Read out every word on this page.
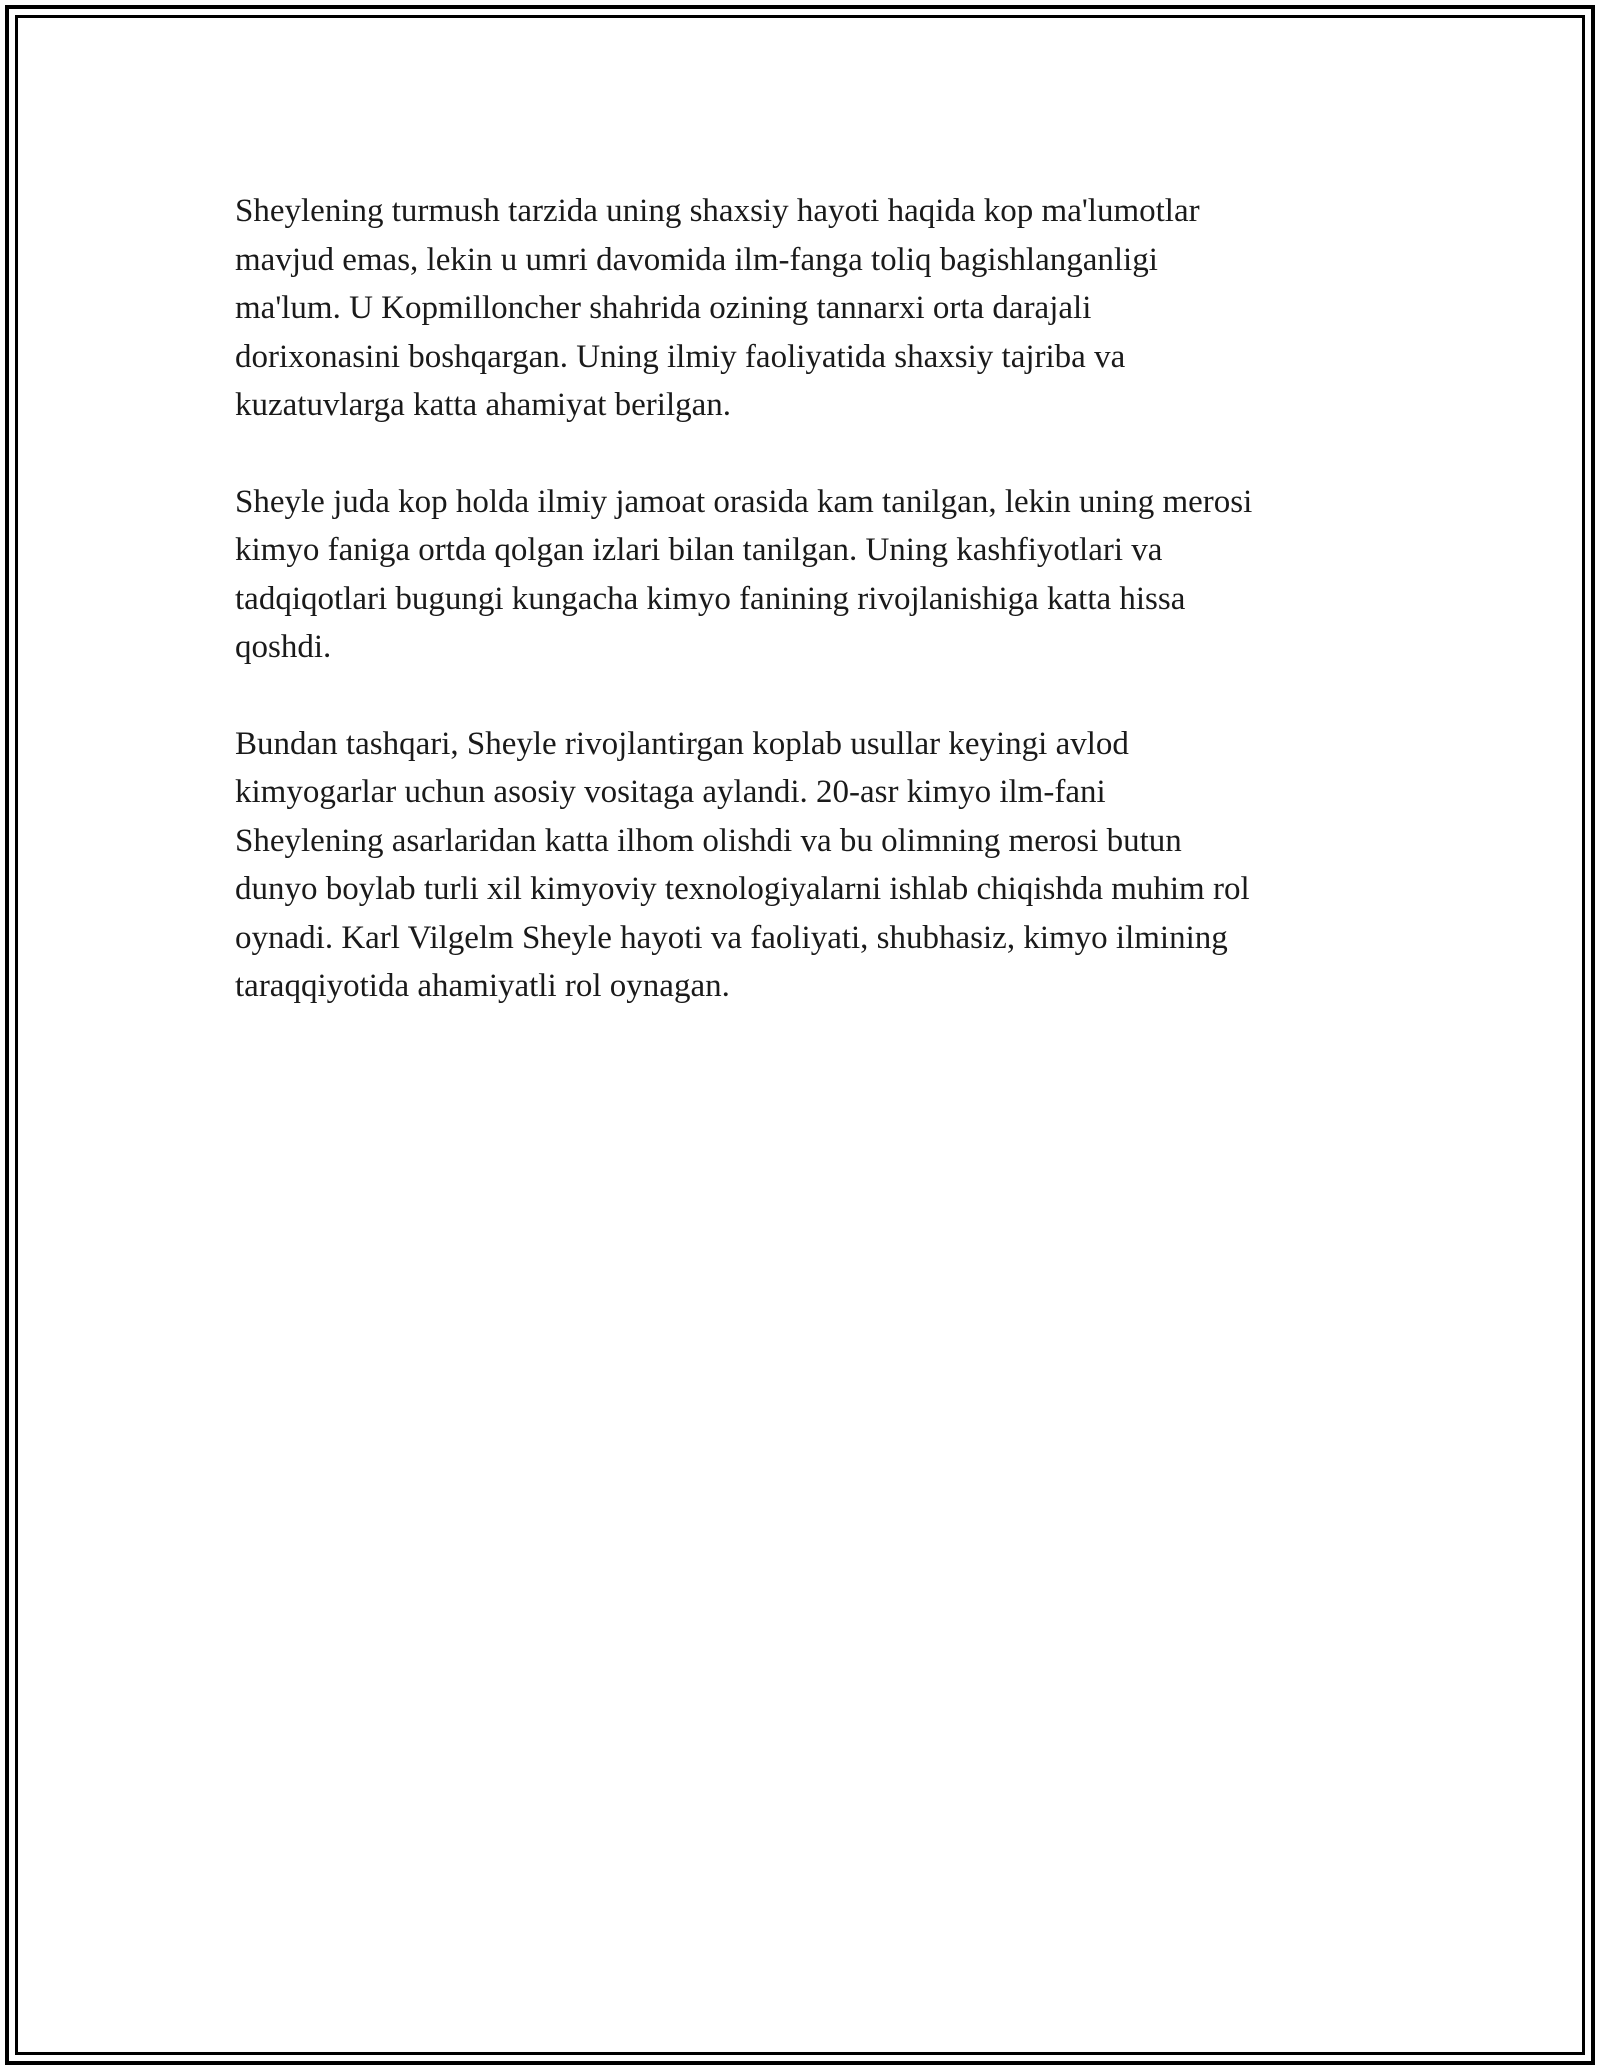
Sheylening turmush tarzida uning shaxsiy hayoti haqida kop ma'lumotlar
mavjud emas, lekin u umri davomida ilm-fanga toliq bagishlanganligi
ma'lum. U Kopmilloncher shahrida ozining tannarxi orta darajali
dorixonasini boshqargan. Uning ilmiy faoliyatida shaxsiy tajriba va
kuzatuvlarga katta ahamiyat berilgan.

Sheyle juda kop holda ilmiy jamoat orasida kam tanilgan, lekin uning merosi
kimyo faniga ortda qolgan izlari bilan tanilgan. Uning kashfiyotlari va
tadqiqotlari bugungi kungacha kimyo fanining rivojlanishiga katta hissa
qoshdi.

Bundan tashqari, Sheyle rivojlantirgan koplab usullar keyingi avlod
kimyogarlar uchun asosiy vositaga aylandi. 20-asr kimyo ilm-fani
Sheylening asarlaridan katta ilhom olishdi va bu olimning merosi butun
dunyo boylab turli xil kimyoviy texnologiyalarni ishlab chiqishda muhim rol
oynadi. Karl Vilgelm Sheyle hayoti va faoliyati, shubhasiz, kimyo ilmining
taraqqiyotida ahamiyatli rol oynagan.
